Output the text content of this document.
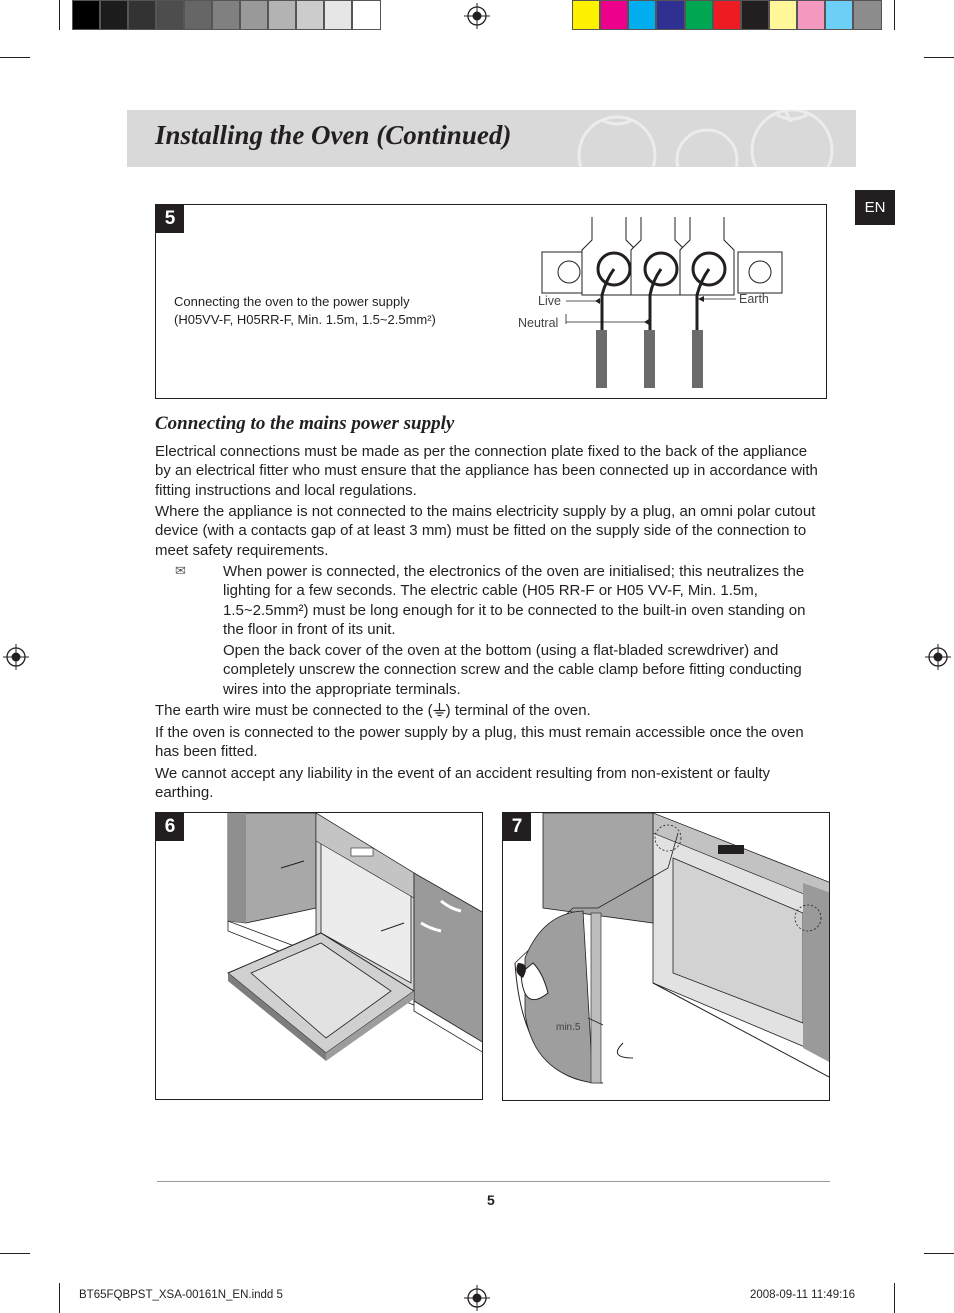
Installing the Oven (Continued)
EN
5
Connecting the oven to the power supply
(H05VV-F, H05RR-F, Min. 1.5m, 1.5~2.5mm²)
Live
Neutral
Earth
Connecting to the mains power supply

Electrical connections must be made as per the connection plate fixed to the back of the appliance by an electrical fitter who must ensure that the appliance has been connected up in accordance with fitting instructions and local regulations.

Where the appliance is not connected to the mains electricity supply by a plug, an omni polar cutout device (with a contacts gap of at least 3 mm) must be fitted on the supply side of the connection to meet safety requirements.

✉ When power is connected, the electronics of the oven are initialised; this neutralizes the lighting for a few seconds. The electric cable (H05 RR-F or H05 VV-F, Min. 1.5m, 1.5~2.5mm²) must be long enough for it to be connected to the built-in oven standing on the floor in front of its unit.
Open the back cover of the oven at the bottom (using a flat-bladed screwdriver) and completely unscrew the connection screw and the cable clamp before fitting conducting wires into the appropriate terminals.

The earth wire must be connected to the ( ) terminal of the oven.

If the oven is connected to the power supply by a plug, this must remain accessible once the oven has been fitted.

We cannot accept any liability in the event of an accident resulting from non-existent or faulty earthing.

6	7
min.5
5
BT65FQBPST_XSA-00161N_EN.indd 5	2008-09-11 11:49:16
